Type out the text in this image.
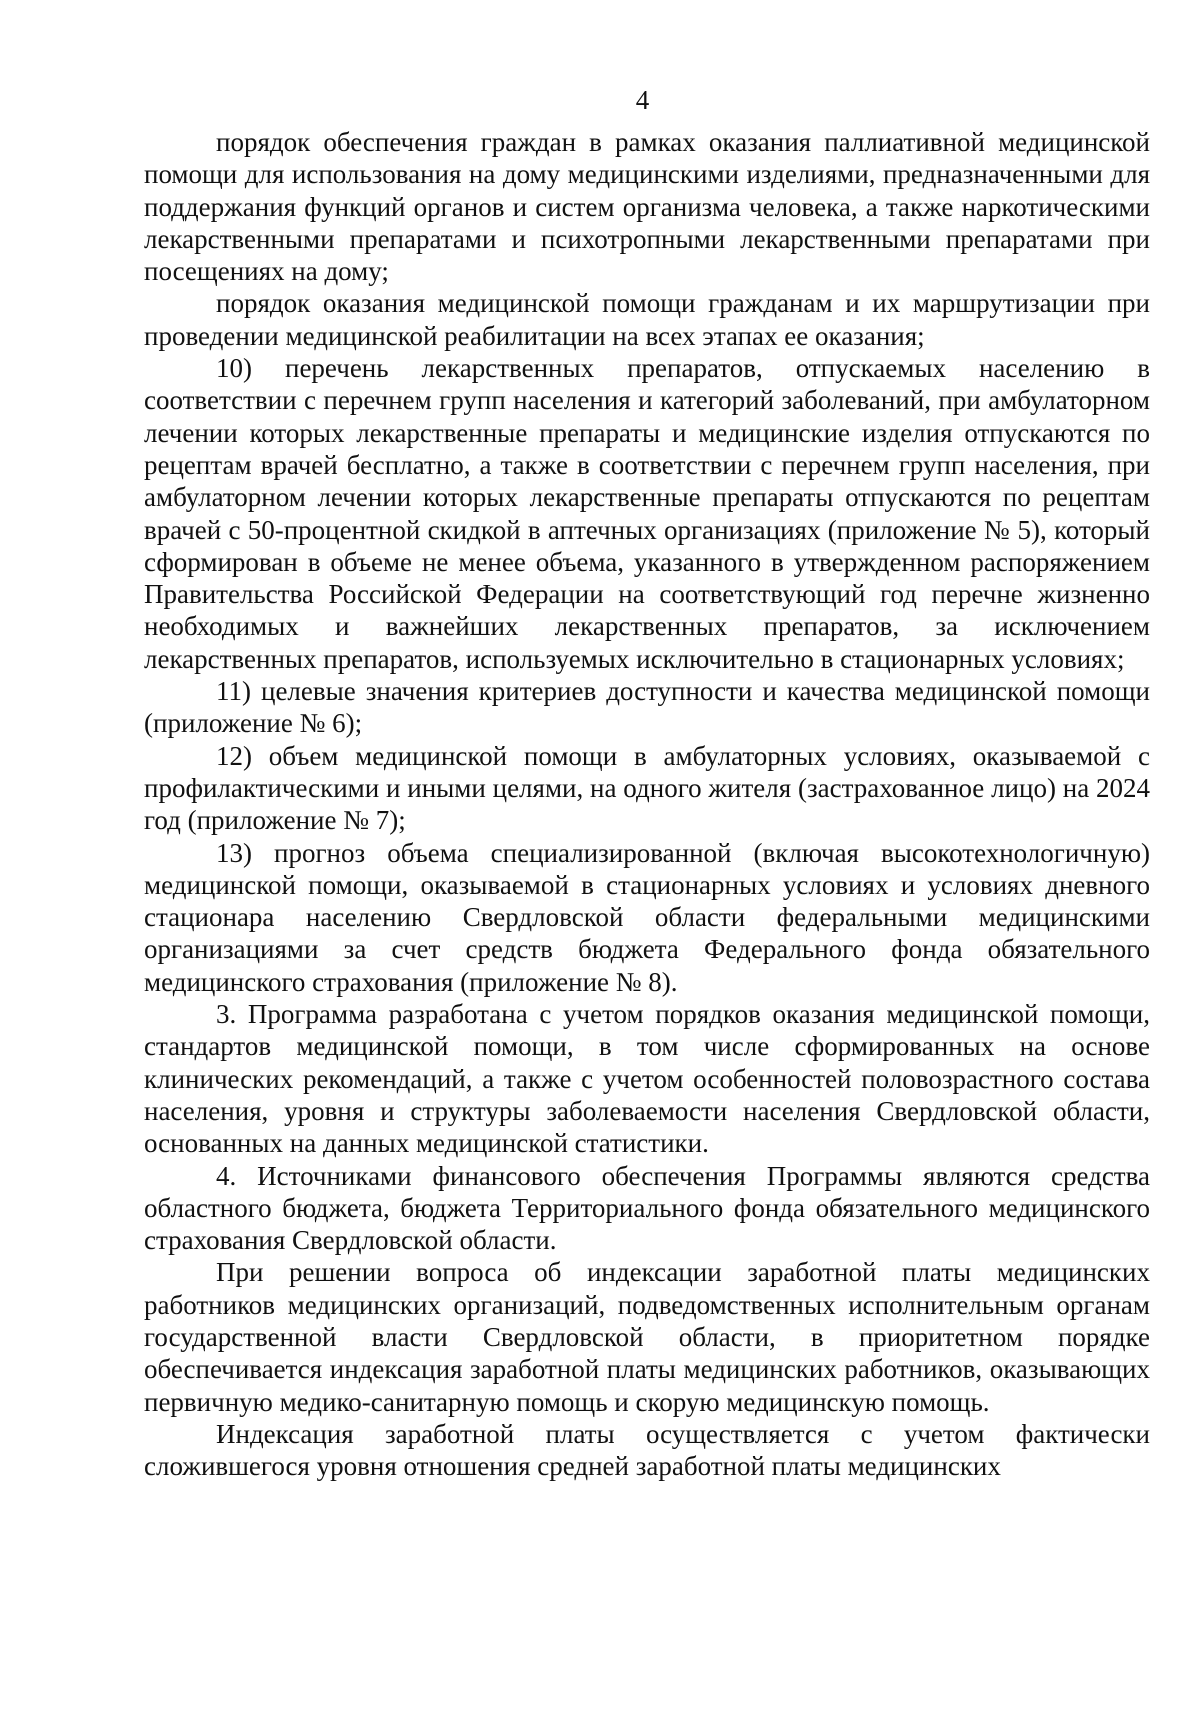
4

порядок обеспечения граждан в рамках оказания паллиативной медицинской помощи для использования на дому медицинскими изделиями, предназначенными для поддержания функций органов и систем организма человека, а также наркотическими лекарственными препаратами и психотропными лекарственными препаратами при посещениях на дому;

порядок оказания медицинской помощи гражданам и их маршрутизации при проведении медицинской реабилитации на всех этапах ее оказания;

10) перечень лекарственных препаратов, отпускаемых населению в соответствии с перечнем групп населения и категорий заболеваний, при амбулаторном лечении которых лекарственные препараты и медицинские изделия отпускаются по рецептам врачей бесплатно, а также в соответствии с перечнем групп населения, при амбулаторном лечении которых лекарственные препараты отпускаются по рецептам врачей с 50-процентной скидкой в аптечных организациях (приложение № 5), который сформирован в объеме не менее объема, указанного в утвержденном распоряжением Правительства Российской Федерации на соответствующий год перечне жизненно необходимых и важнейших лекарственных препаратов, за исключением лекарственных препаратов, используемых исключительно в стационарных условиях;

11) целевые значения критериев доступности и качества медицинской помощи (приложение № 6);

12) объем медицинской помощи в амбулаторных условиях, оказываемой с профилактическими и иными целями, на одного жителя (застрахованное лицо) на 2024 год (приложение № 7);

13) прогноз объема специализированной (включая высокотехнологичную) медицинской помощи, оказываемой в стационарных условиях и условиях дневного стационара населению Свердловской области федеральными медицинскими организациями за счет средств бюджета Федерального фонда обязательного медицинского страхования (приложение № 8).

3. Программа разработана с учетом порядков оказания медицинской помощи, стандартов медицинской помощи, в том числе сформированных на основе клинических рекомендаций, а также с учетом особенностей половозрастного состава населения, уровня и структуры заболеваемости населения Свердловской области, основанных на данных медицинской статистики.

4. Источниками финансового обеспечения Программы являются средства областного бюджета, бюджета Территориального фонда обязательного медицинского страхования Свердловской области.

При решении вопроса об индексации заработной платы медицинских работников медицинских организаций, подведомственных исполнительным органам государственной власти Свердловской области, в приоритетном порядке обеспечивается индексация заработной платы медицинских работников, оказывающих первичную медико-санитарную помощь и скорую медицинскую помощь.

Индексация заработной платы осуществляется с учетом фактически сложившегося уровня отношения средней заработной платы медицинских
